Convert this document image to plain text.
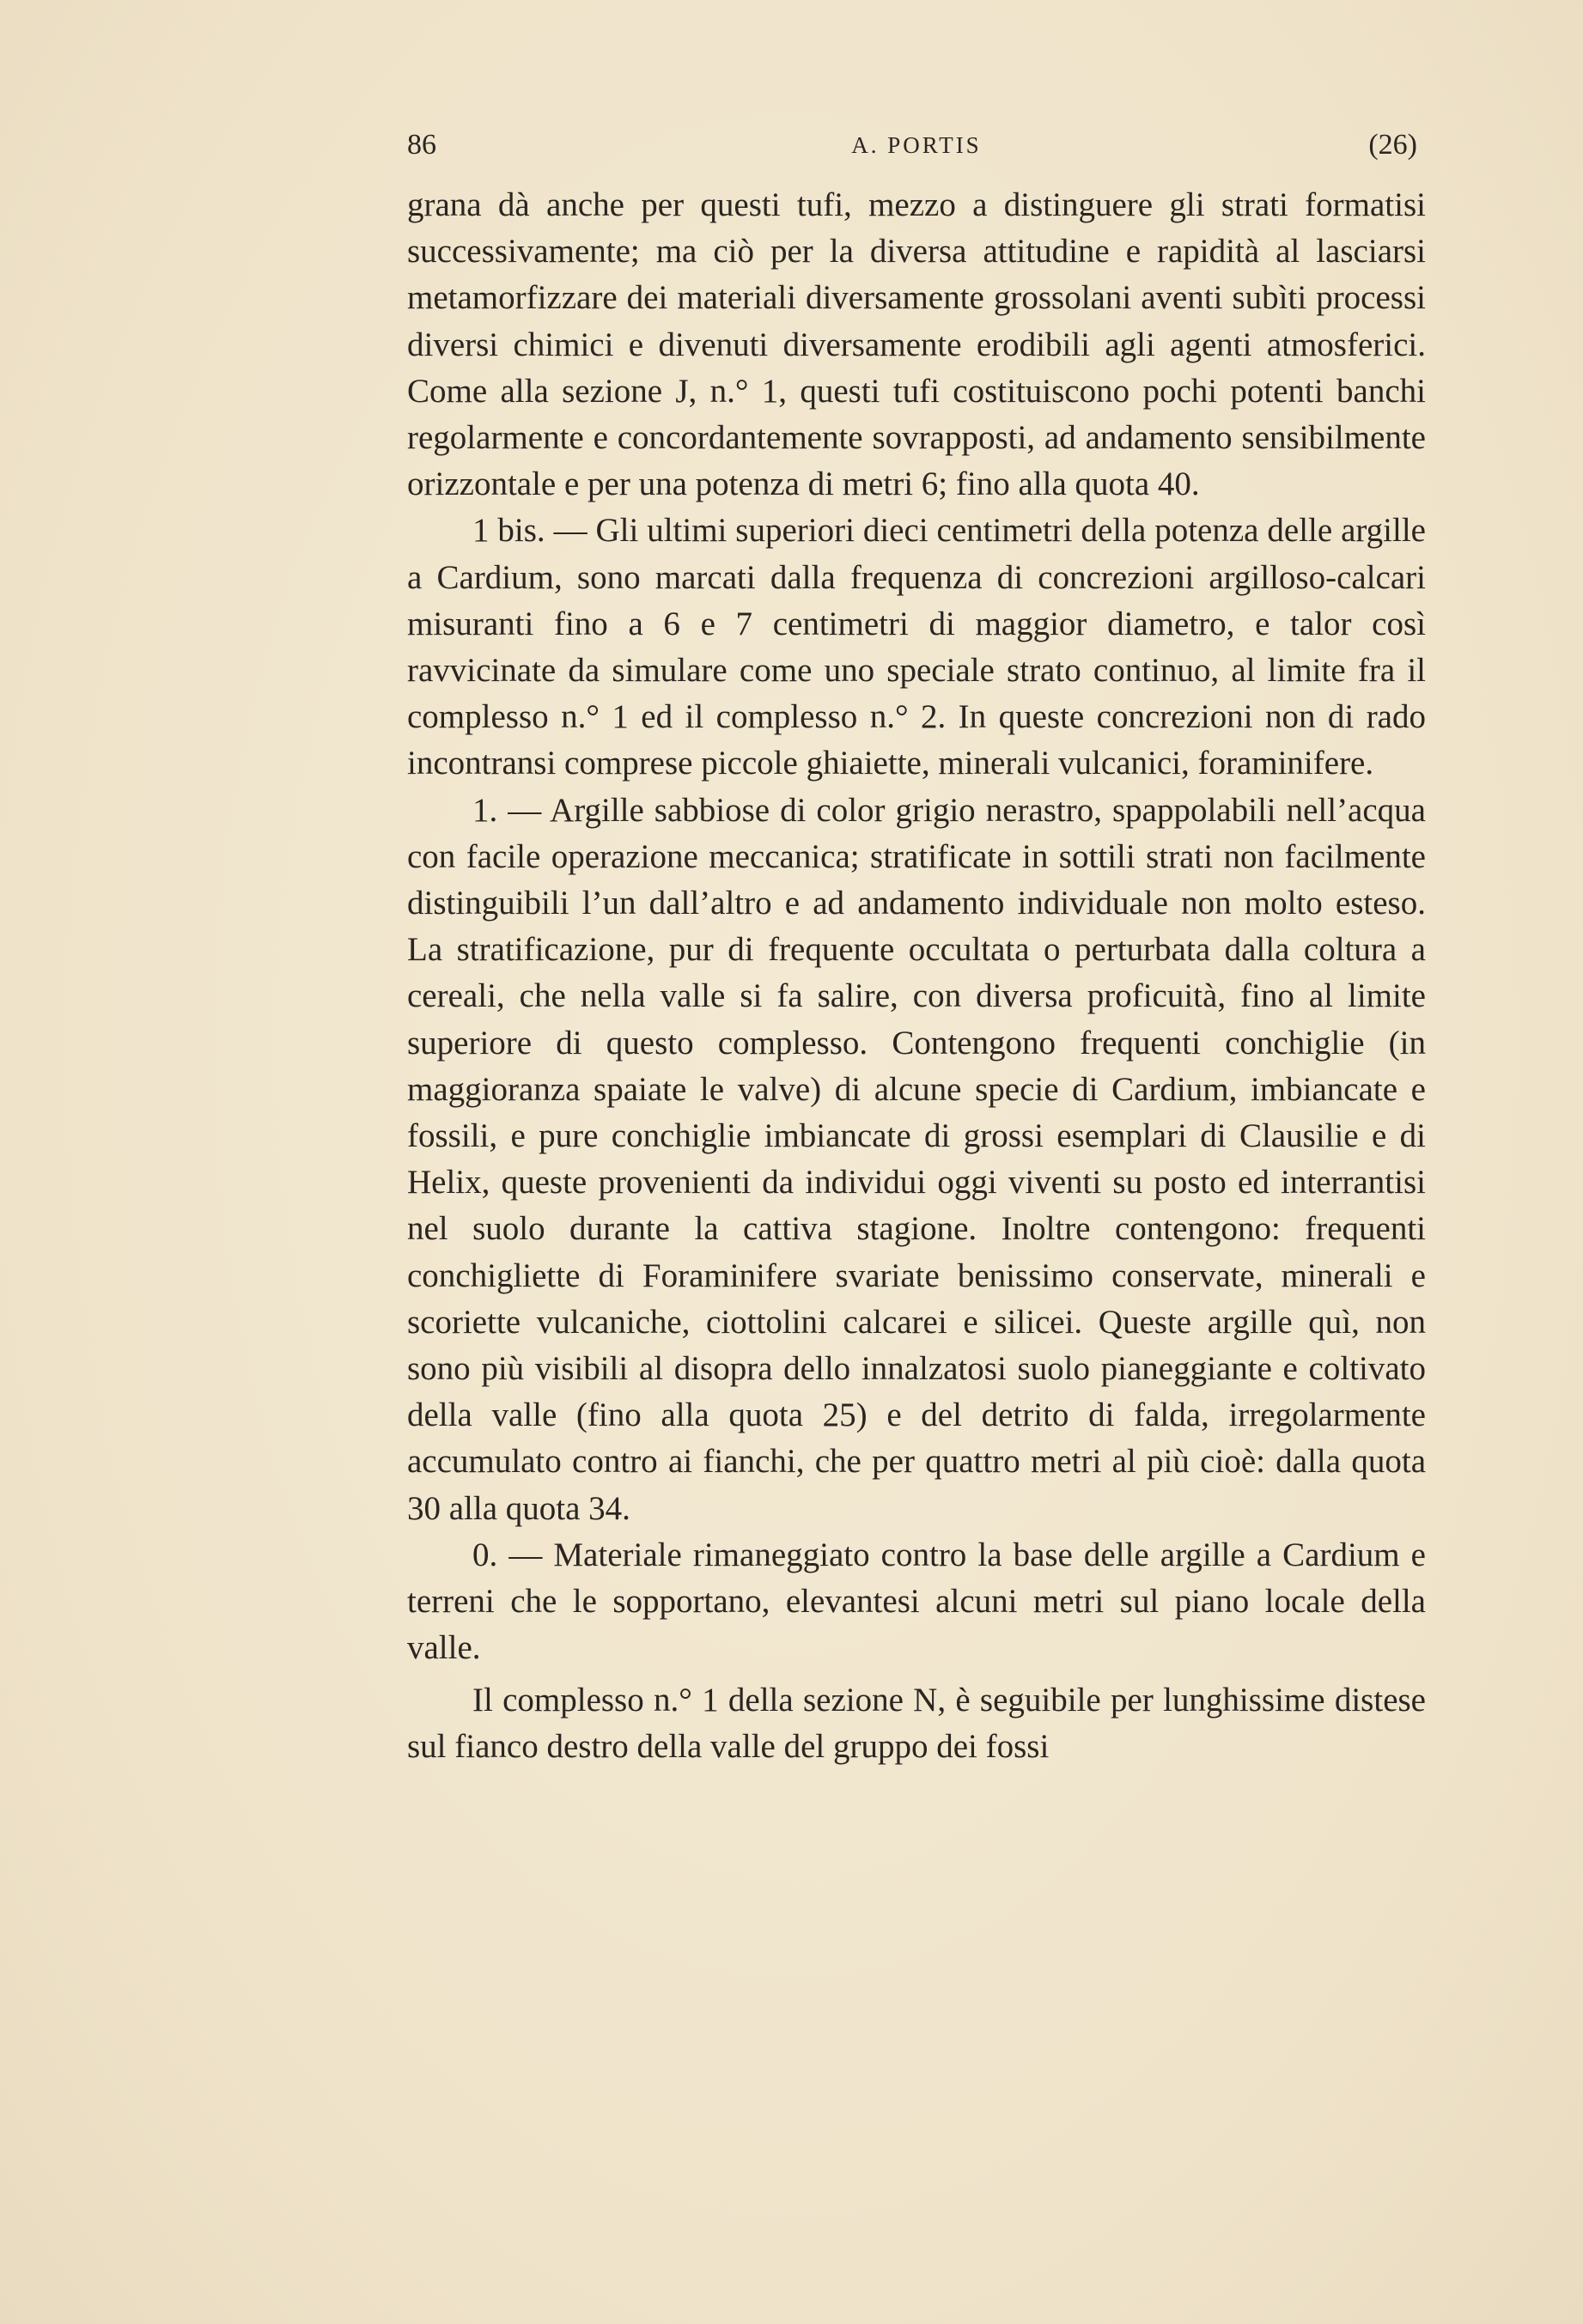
86	A. PORTIS	(26)

grana dà anche per questi tufi, mezzo a distinguere gli strati formatisi successivamente; ma ciò per la diversa attitudine e rapidità al lasciarsi metamorfizzare dei materiali diversamente grossolani aventi subìti processi diversi chimici e divenuti diversamente erodibili agli agenti atmosferici. Come alla sezione J, n.° 1, questi tufi costituiscono pochi potenti banchi regolarmente e concordantemente sovrapposti, ad andamento sensibilmente orizzontale e per una potenza di metri 6; fino alla quota 40.

1 bis. — Gli ultimi superiori dieci centimetri della potenza delle argille a Cardium, sono marcati dalla frequenza di concrezioni argilloso-calcari misuranti fino a 6 e 7 centimetri di maggior diametro, e talor così ravvicinate da simulare come uno speciale strato continuo, al limite fra il complesso n.° 1 ed il complesso n.° 2. In queste concrezioni non di rado incontransi comprese piccole ghiaiette, minerali vulcanici, foraminifere.

1. — Argille sabbiose di color grigio nerastro, spappolabili nell’acqua con facile operazione meccanica; stratificate in sottili strati non facilmente distinguibili l’un dall’altro e ad andamento individuale non molto esteso. La stratificazione, pur di frequente occultata o perturbata dalla coltura a cereali, che nella valle si fa salire, con diversa proficuità, fino al limite superiore di questo complesso. Contengono frequenti conchiglie (in maggioranza spaiate le valve) di alcune specie di Cardium, imbiancate e fossili, e pure conchiglie imbiancate di grossi esemplari di Clausilie e di Helix, queste provenienti da individui oggi viventi su posto ed interrantisi nel suolo durante la cattiva stagione. Inoltre contengono: frequenti conchigliette di Foraminifere svariate benissimo conservate, minerali e scoriette vulcaniche, ciottolini calcarei e silicei. Queste argille quì, non sono più visibili al disopra dello innalzatosi suolo pianeggiante e coltivato della valle (fino alla quota 25) e del detrito di falda, irregolarmente accumulato contro ai fianchi, che per quattro metri al più cioè: dalla quota 30 alla quota 34.

0. — Materiale rimaneggiato contro la base delle argille a Cardium e terreni che le sopportano, elevantesi alcuni metri sul piano locale della valle.

Il complesso n.° 1 della sezione N, è seguibile per lunghissime distese sul fianco destro della valle del gruppo dei fossi
